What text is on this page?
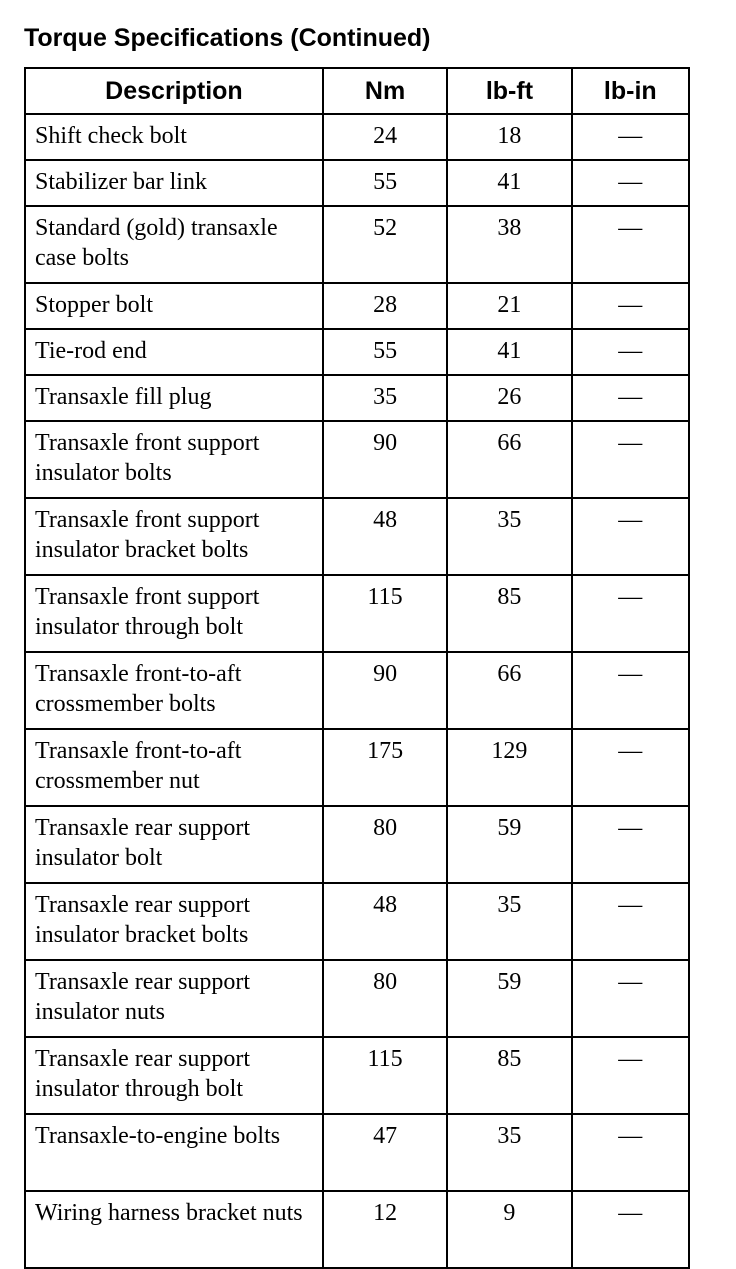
Torque Specifications (Continued)
Description	Nm	lb-ft	lb-in
Shift check bolt	24	18	—
Stabilizer bar link	55	41	—
Standard (gold) transaxle case bolts	52	38	—
Stopper bolt	28	21	—
Tie-rod end	55	41	—
Transaxle fill plug	35	26	—
Transaxle front support insulator bolts	90	66	—
Transaxle front support insulator bracket bolts	48	35	—
Transaxle front support insulator through bolt	115	85	—
Transaxle front-to-aft crossmember bolts	90	66	—
Transaxle front-to-aft crossmember nut	175	129	—
Transaxle rear support insulator bolt	80	59	—
Transaxle rear support insulator bracket bolts	48	35	—
Transaxle rear support insulator nuts	80	59	—
Transaxle rear support insulator through bolt	115	85	—
Transaxle-to-engine bolts	47	35	—
Wiring harness bracket nuts	12	9	—
